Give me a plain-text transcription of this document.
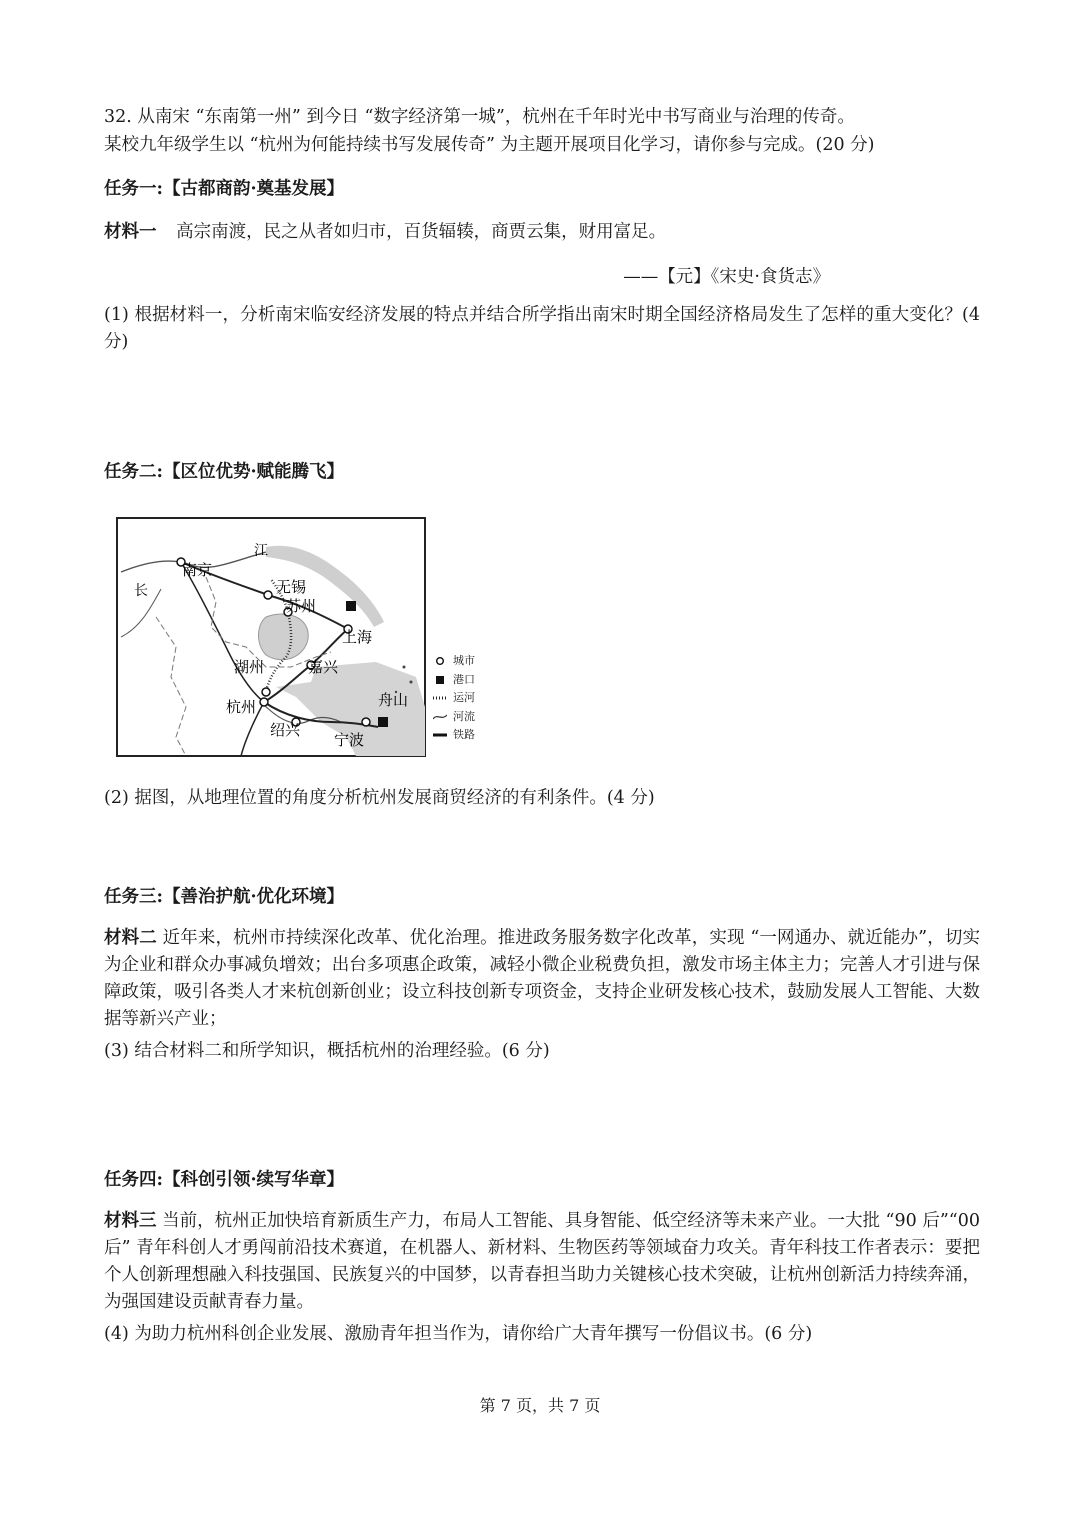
32. 从南宋 “东南第一州” 到今日 “数字经济第一城”，杭州在千年时光中书写商业与治理的传奇。
某校九年级学生以 “杭州为何能持续书写发展传奇” 为主题开展项目化学习，请你参与完成。(20 分)
任务一:【古都商韵·奠基发展】
材料一 高宗南渡，民之从者如归市，百货辐辏，商贾云集，财用富足。
——【元】《宋史·食货志》
(1) 根据材料一，分析南宋临安经济发展的特点并结合所学指出南宋时期全国经济格局发生了怎样的重大变化？(4 分)
任务二:【区位优势·赋能腾飞】
江
长
南京
无锡
苏州
上海
湖州	嘉兴
杭州
绍兴
宁波
舟山
城市
港口
运河
河流
铁路
(2) 据图，从地理位置的角度分析杭州发展商贸经济的有利条件。(4 分)
任务三:【善治护航·优化环境】
材料二 近年来，杭州市持续深化改革、优化治理。推进政务服务数字化改革，实现 “一网通办、就近能办”，切实为企业和群众办事减负增效；出台多项惠企政策，减轻小微企业税费负担，激发市场主体主力；完善人才引进与保障政策，吸引各类人才来杭创新创业；设立科技创新专项资金，支持企业研发核心技术，鼓励发展人工智能、大数据等新兴产业；
(3) 结合材料二和所学知识，概括杭州的治理经验。(6 分)
任务四:【科创引领·续写华章】
材料三 当前，杭州正加快培育新质生产力，布局人工智能、具身智能、低空经济等未来产业。一大批 “90 后”“00 后” 青年科创人才勇闯前沿技术赛道，在机器人、新材料、生物医药等领域奋力攻关。青年科技工作者表示：要把个人创新理想融入科技强国、民族复兴的中国梦，以青春担当助力关键核心技术突破，让杭州创新活力持续奔涌，为强国建设贡献青春力量。
(4) 为助力杭州科创企业发展、激励青年担当作为，请你给广大青年撰写一份倡议书。(6 分)
第 7 页，共 7 页
